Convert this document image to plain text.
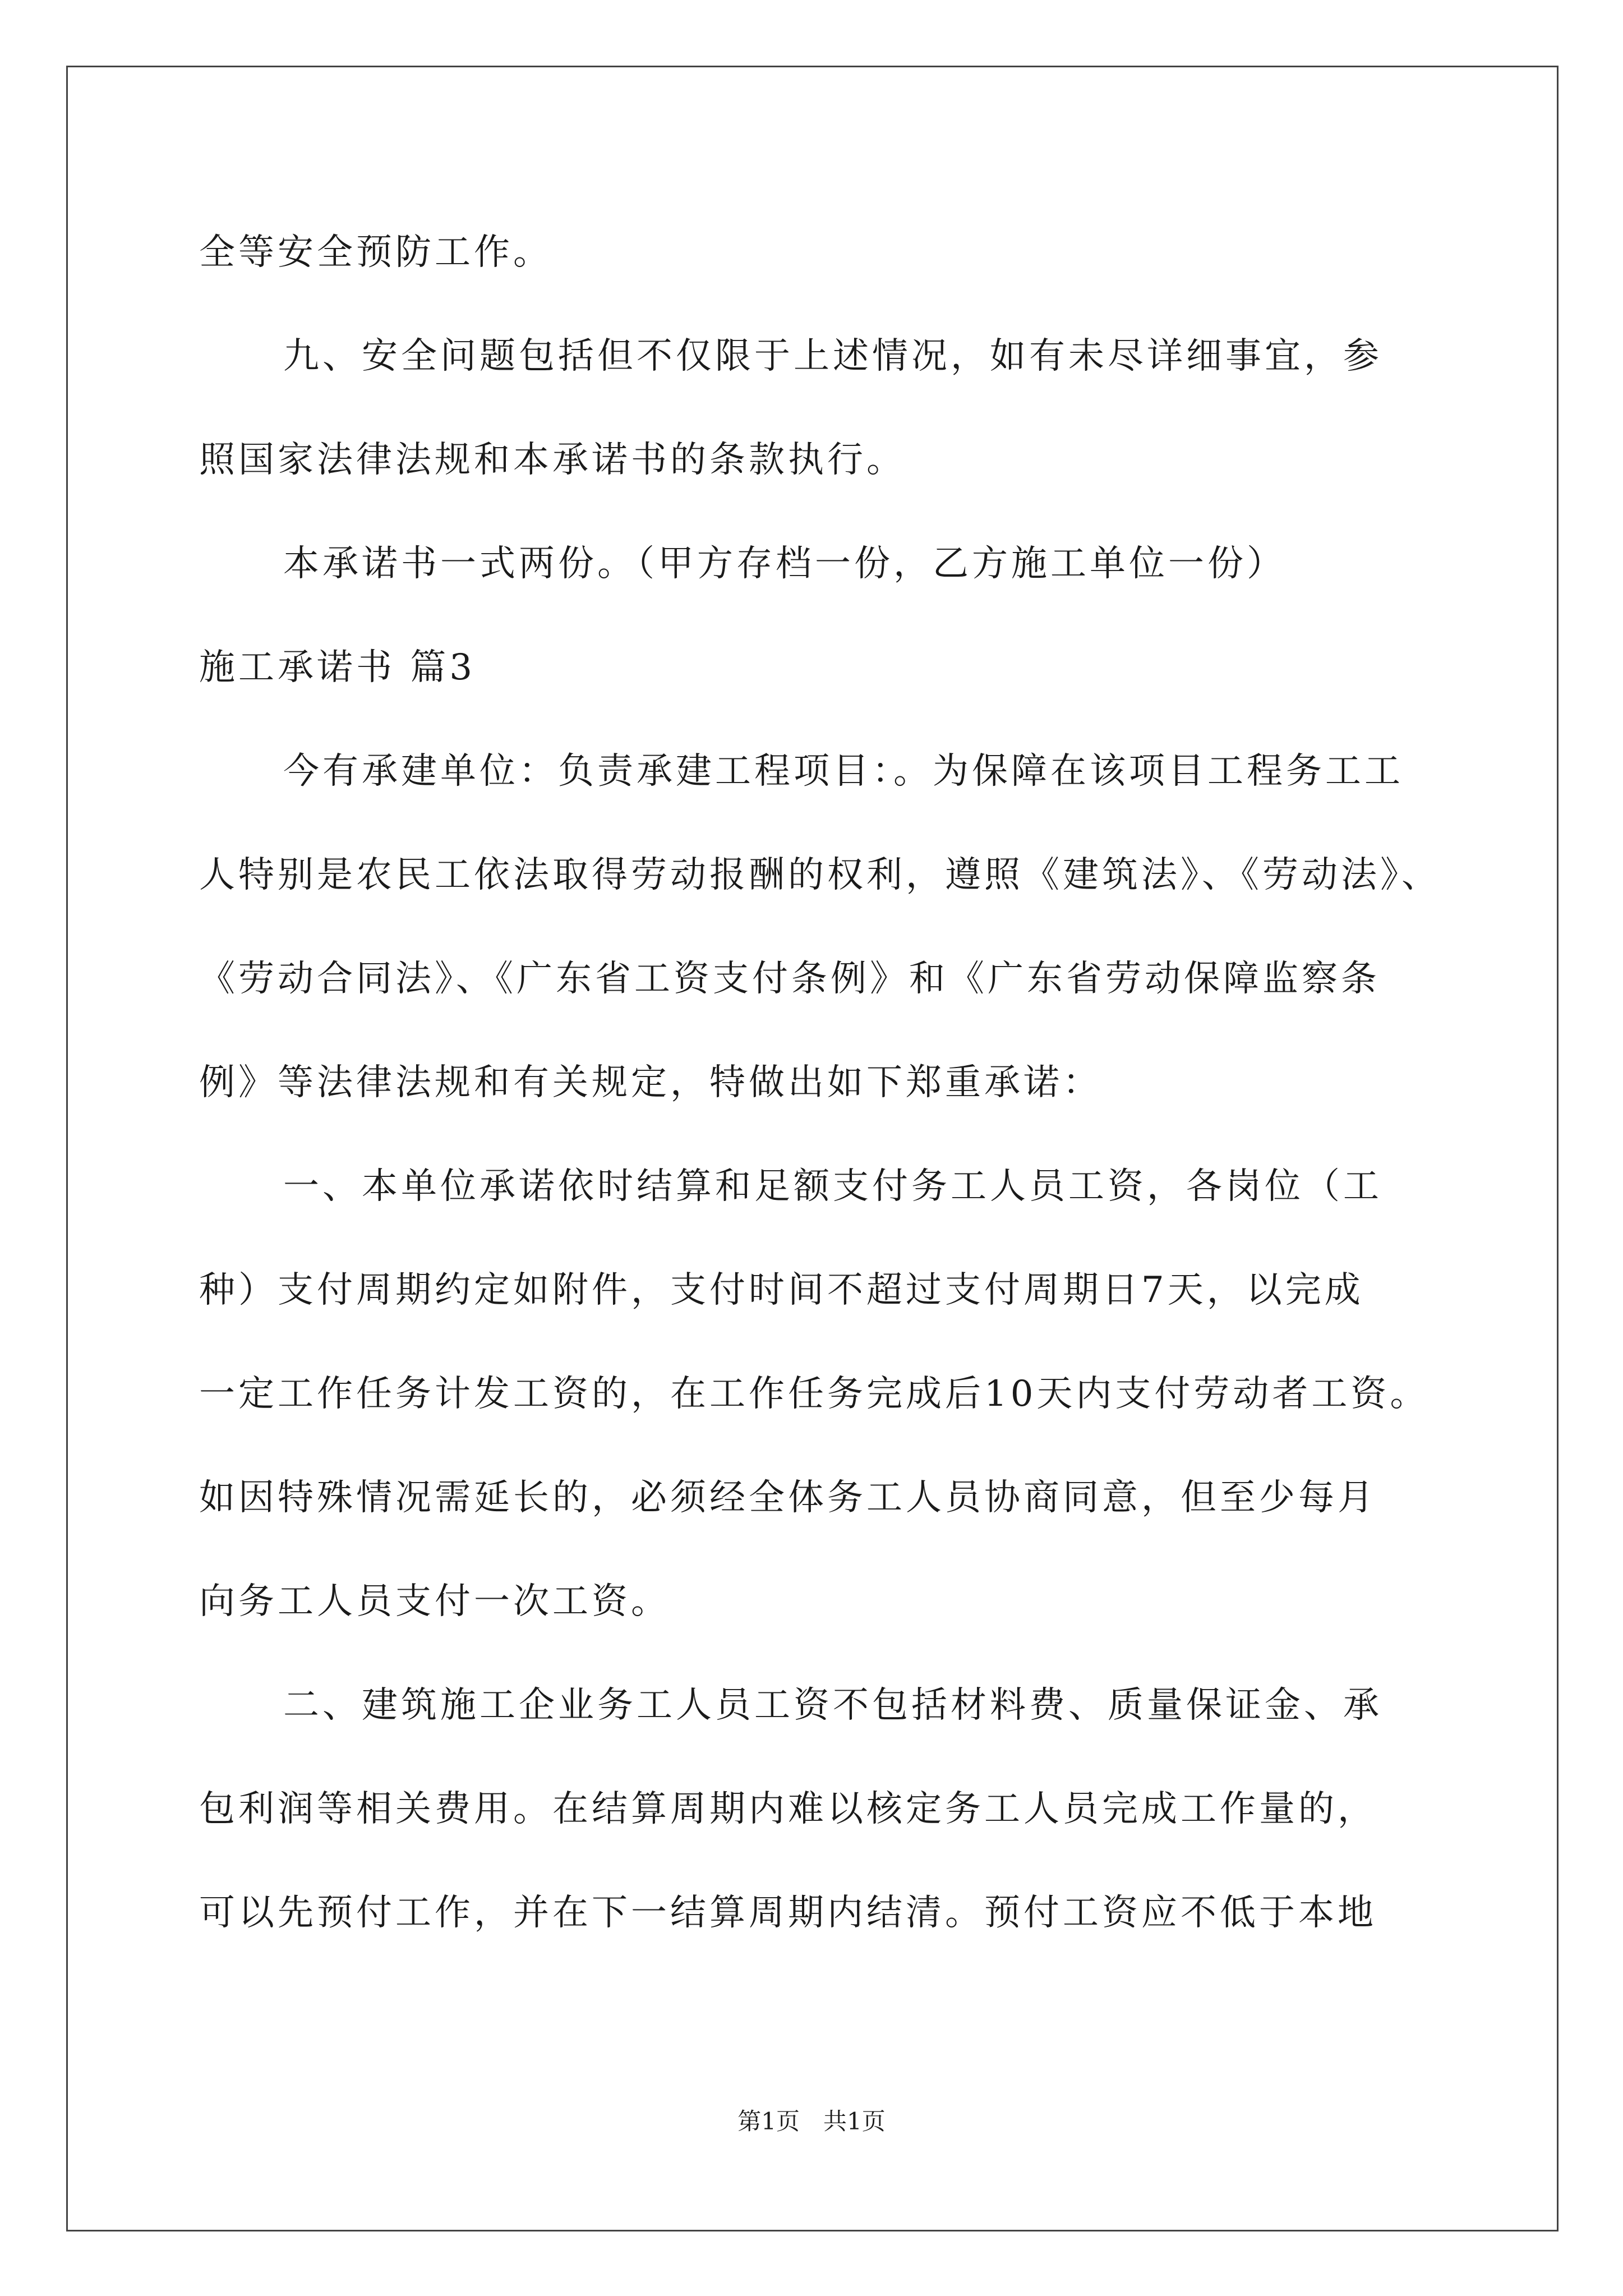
全等安全预防工作。
九、安全问题包括但不仅限于上述情况，如有未尽详细事宜，参
照国家法律法规和本承诺书的条款执行。
本承诺书一式两份。（甲方存档一份，乙方施工单位一份）
施工承诺书 篇3
今有承建单位：负责承建工程项目：。为保障在该项目工程务工工
人特别是农民工依法取得劳动报酬的权利，遵照《建筑法》、《劳动法》、
《劳动合同法》、《广东省工资支付条例》和《广东省劳动保障监察条
例》等法律法规和有关规定，特做出如下郑重承诺：
一、本单位承诺依时结算和足额支付务工人员工资，各岗位（工
种）支付周期约定如附件，支付时间不超过支付周期日7天，以完成
一定工作任务计发工资的，在工作任务完成后10天内支付劳动者工资。
如因特殊情况需延长的，必须经全体务工人员协商同意，但至少每月
向务工人员支付一次工资。
二、建筑施工企业务工人员工资不包括材料费、质量保证金、承
包利润等相关费用。在结算周期内难以核定务工人员完成工作量的，
可以先预付工作，并在下一结算周期内结清。预付工资应不低于本地
第1页　共1页
